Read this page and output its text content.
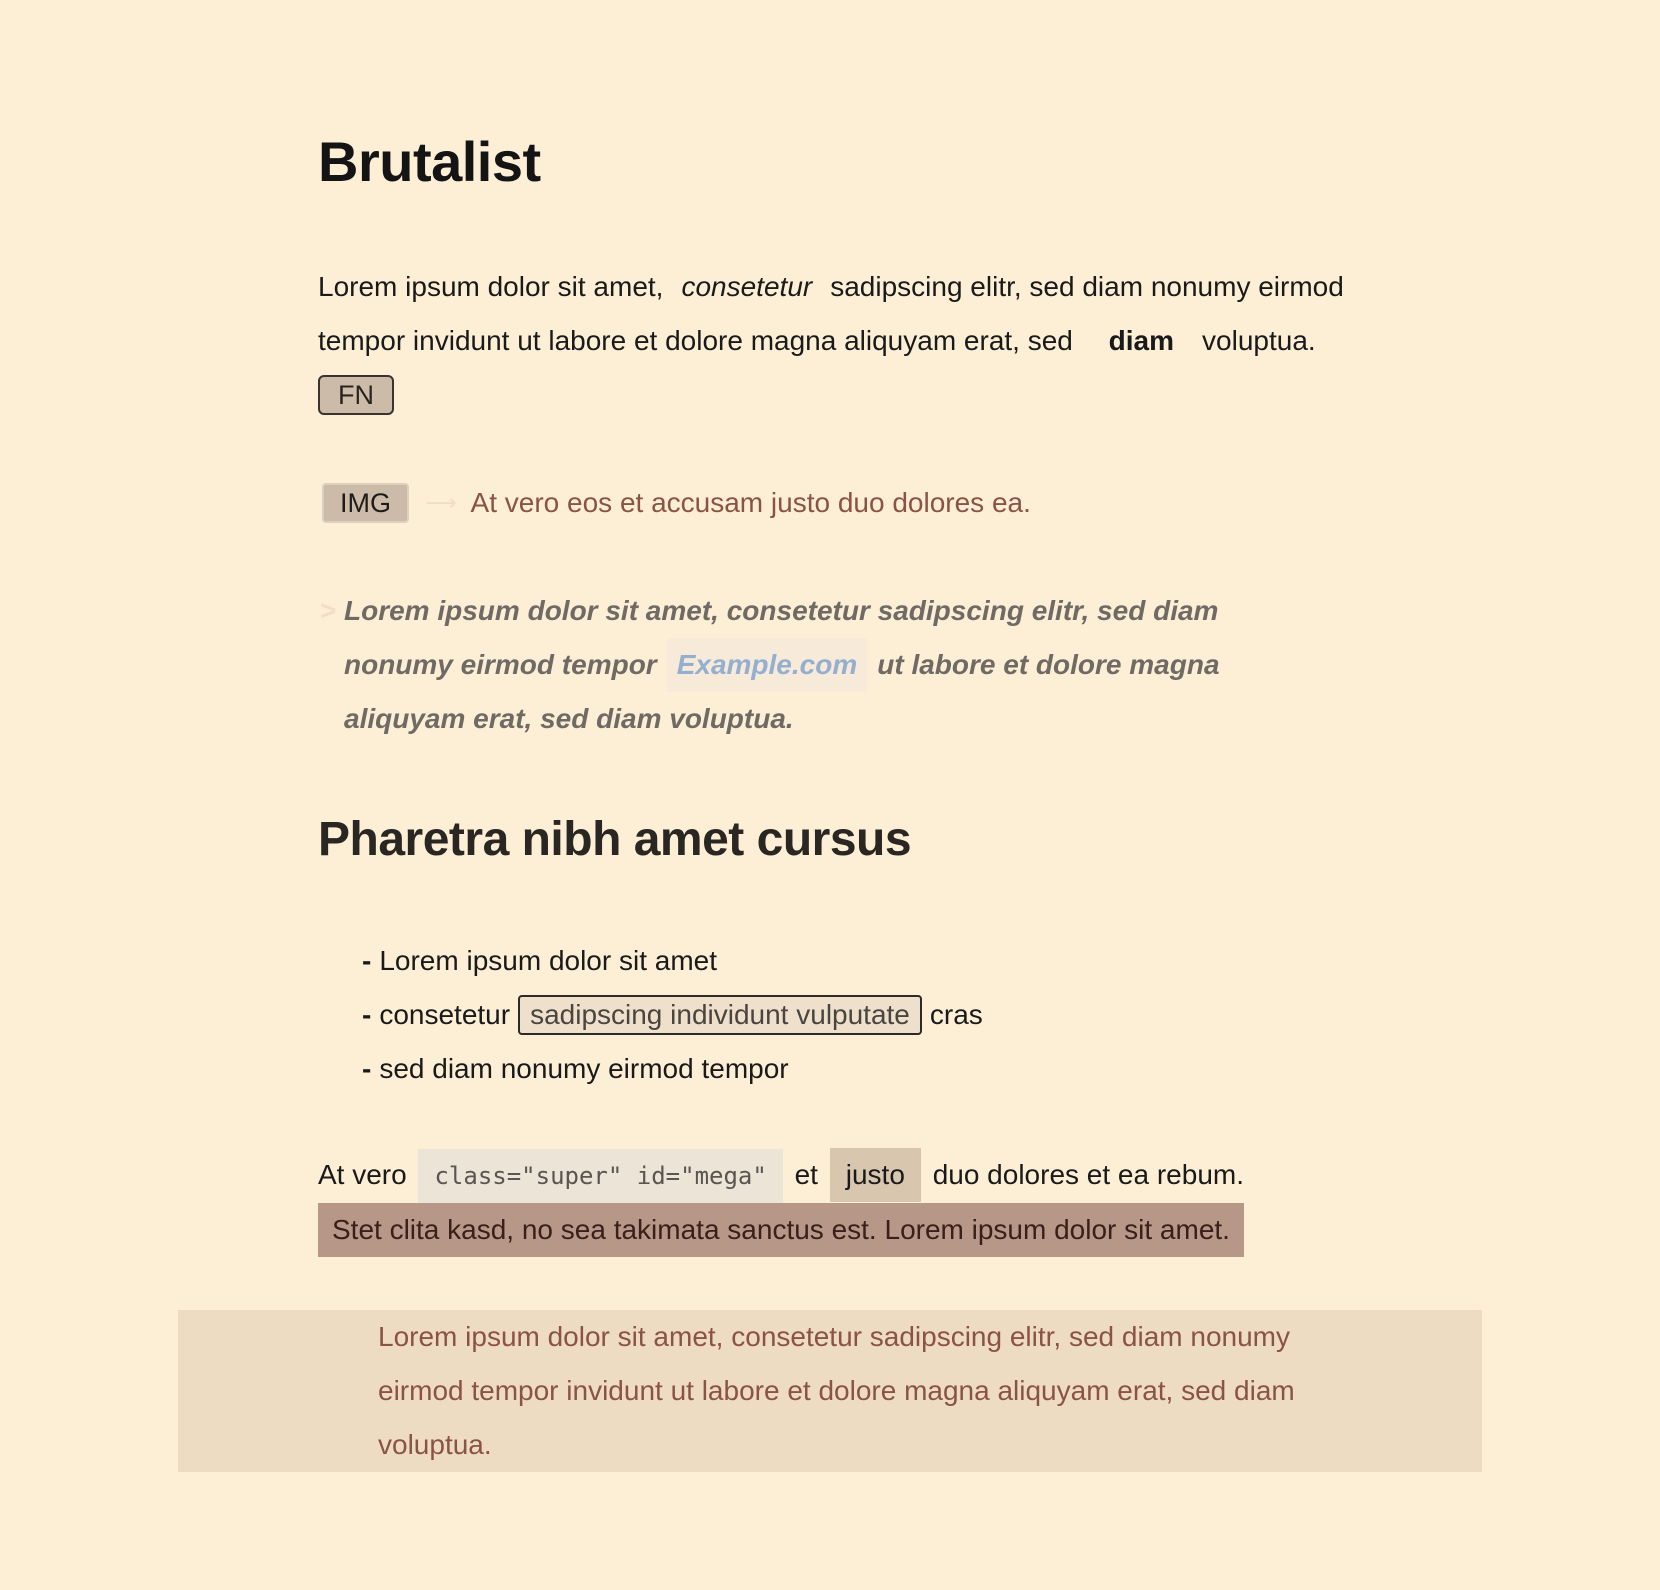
Brutalist

Lorem ipsum dolor sit amet, consetetur sadipscing elitr, sed diam nonumy eirmod tempor invidunt ut labore et dolore magna aliquyam erat, sed diam voluptua.FN

IMG	⟶ At vero eos et accusam justo duo dolores ea.
> Lorem ipsum dolor sit amet, consetetur sadipscing elitr, sed diam nonumy eirmod tempor Example.com ut labore et dolore magna aliquyam erat, sed diam voluptua.
Pharetra nibh amet cursus
- Lorem ipsum dolor sit amet
- consetetur sadipscing individunt vulputate cras
- sed diam nonumy eirmod tempor

At vero class="super" id="mega" et justo duo dolores et ea rebum.
Stet clita kasd, no sea takimata sanctus est. Lorem ipsum dolor sit amet.

Lorem ipsum dolor sit amet, consetetur sadipscing elitr, sed diam nonumy eirmod tempor invidunt ut labore et dolore magna aliquyam erat, sed diam voluptua.
